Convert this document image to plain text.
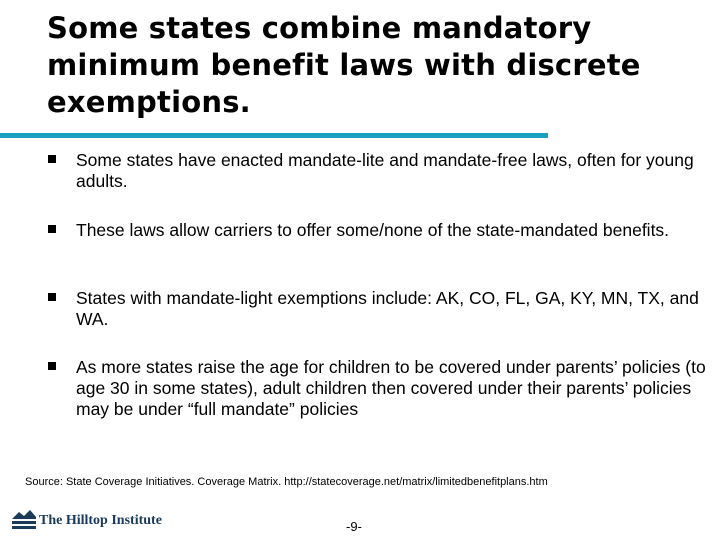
Some states combine mandatory minimum benefit laws with discrete exemptions.
Some states have enacted mandate-lite and mandate-free laws, often for young adults.
These laws allow carriers to offer some/none of the state-mandated benefits.
States with mandate-light exemptions include: AK, CO, FL, GA, KY, MN, TX, and WA.
As more states raise the age for children to be covered under parents’ policies (to age 30 in some states), adult children then covered under their parents’ policies may be under “full mandate” policies
Source: State Coverage Initiatives. Coverage Matrix. http://statecoverage.net/matrix/limitedbenefitplans.htm
The Hilltop Institute	-9-
